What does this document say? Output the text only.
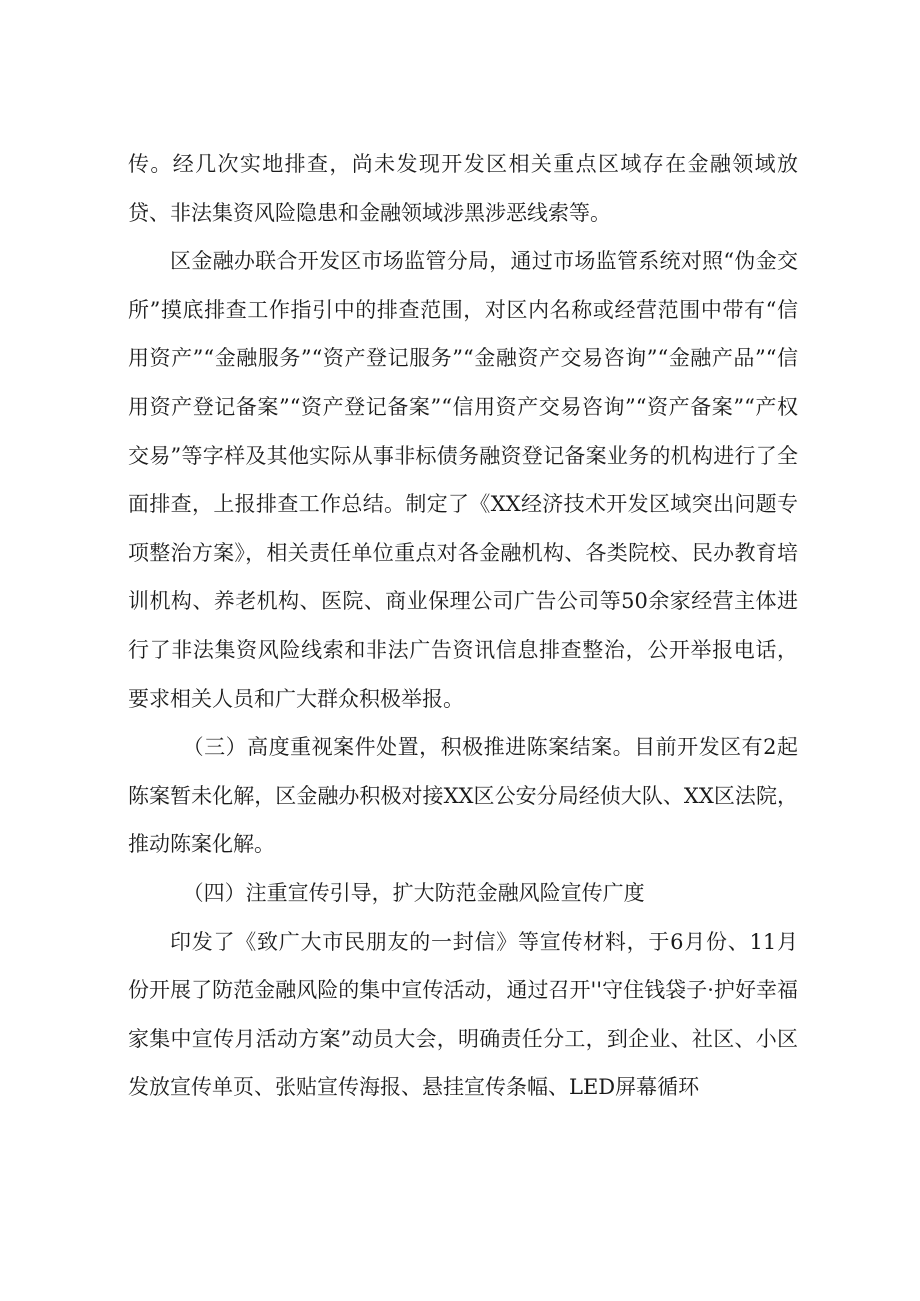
传。经几次实地排查，尚未发现开发区相关重点区域存在金融领域放贷、非法集资风险隐患和金融领域涉黑涉恶线索等。

区金融办联合开发区市场监管分局，通过市场监管系统对照“伪金交所”摸底排查工作指引中的排查范围，对区内名称或经营范围中带有“信用资产”“金融服务”“资产登记服务”“金融资产交易咨询”“金融产品”“信用资产登记备案”“资产登记备案”“信用资产交易咨询”“资产备案”“产权交易”等字样及其他实际从事非标债务融资登记备案业务的机构进行了全面排查，上报排查工作总结。制定了《XX经济技术开发区域突出问题专项整治方案》，相关责任单位重点对各金融机构、各类院校、民办教育培训机构、养老机构、医院、商业保理公司广告公司等50余家经营主体进行了非法集资风险线索和非法广告资讯信息排查整治，公开举报电话，要求相关人员和广大群众积极举报。

（三）高度重视案件处置，积极推进陈案结案。目前开发区有2起陈案暂未化解，区金融办积极对接XX区公安分局经侦大队、XX区法院，推动陈案化解。

（四）注重宣传引导，扩大防范金融风险宣传广度

印发了《致广大市民朋友的一封信》等宣传材料，于6月份、11月份开展了防范金融风险的集中宣传活动，通过召开''守住钱袋子·护好幸福家集中宣传月活动方案”动员大会，明确责任分工，到企业、社区、小区发放宣传单页、张贴宣传海报、悬挂宣传条幅、LED屏幕循环
